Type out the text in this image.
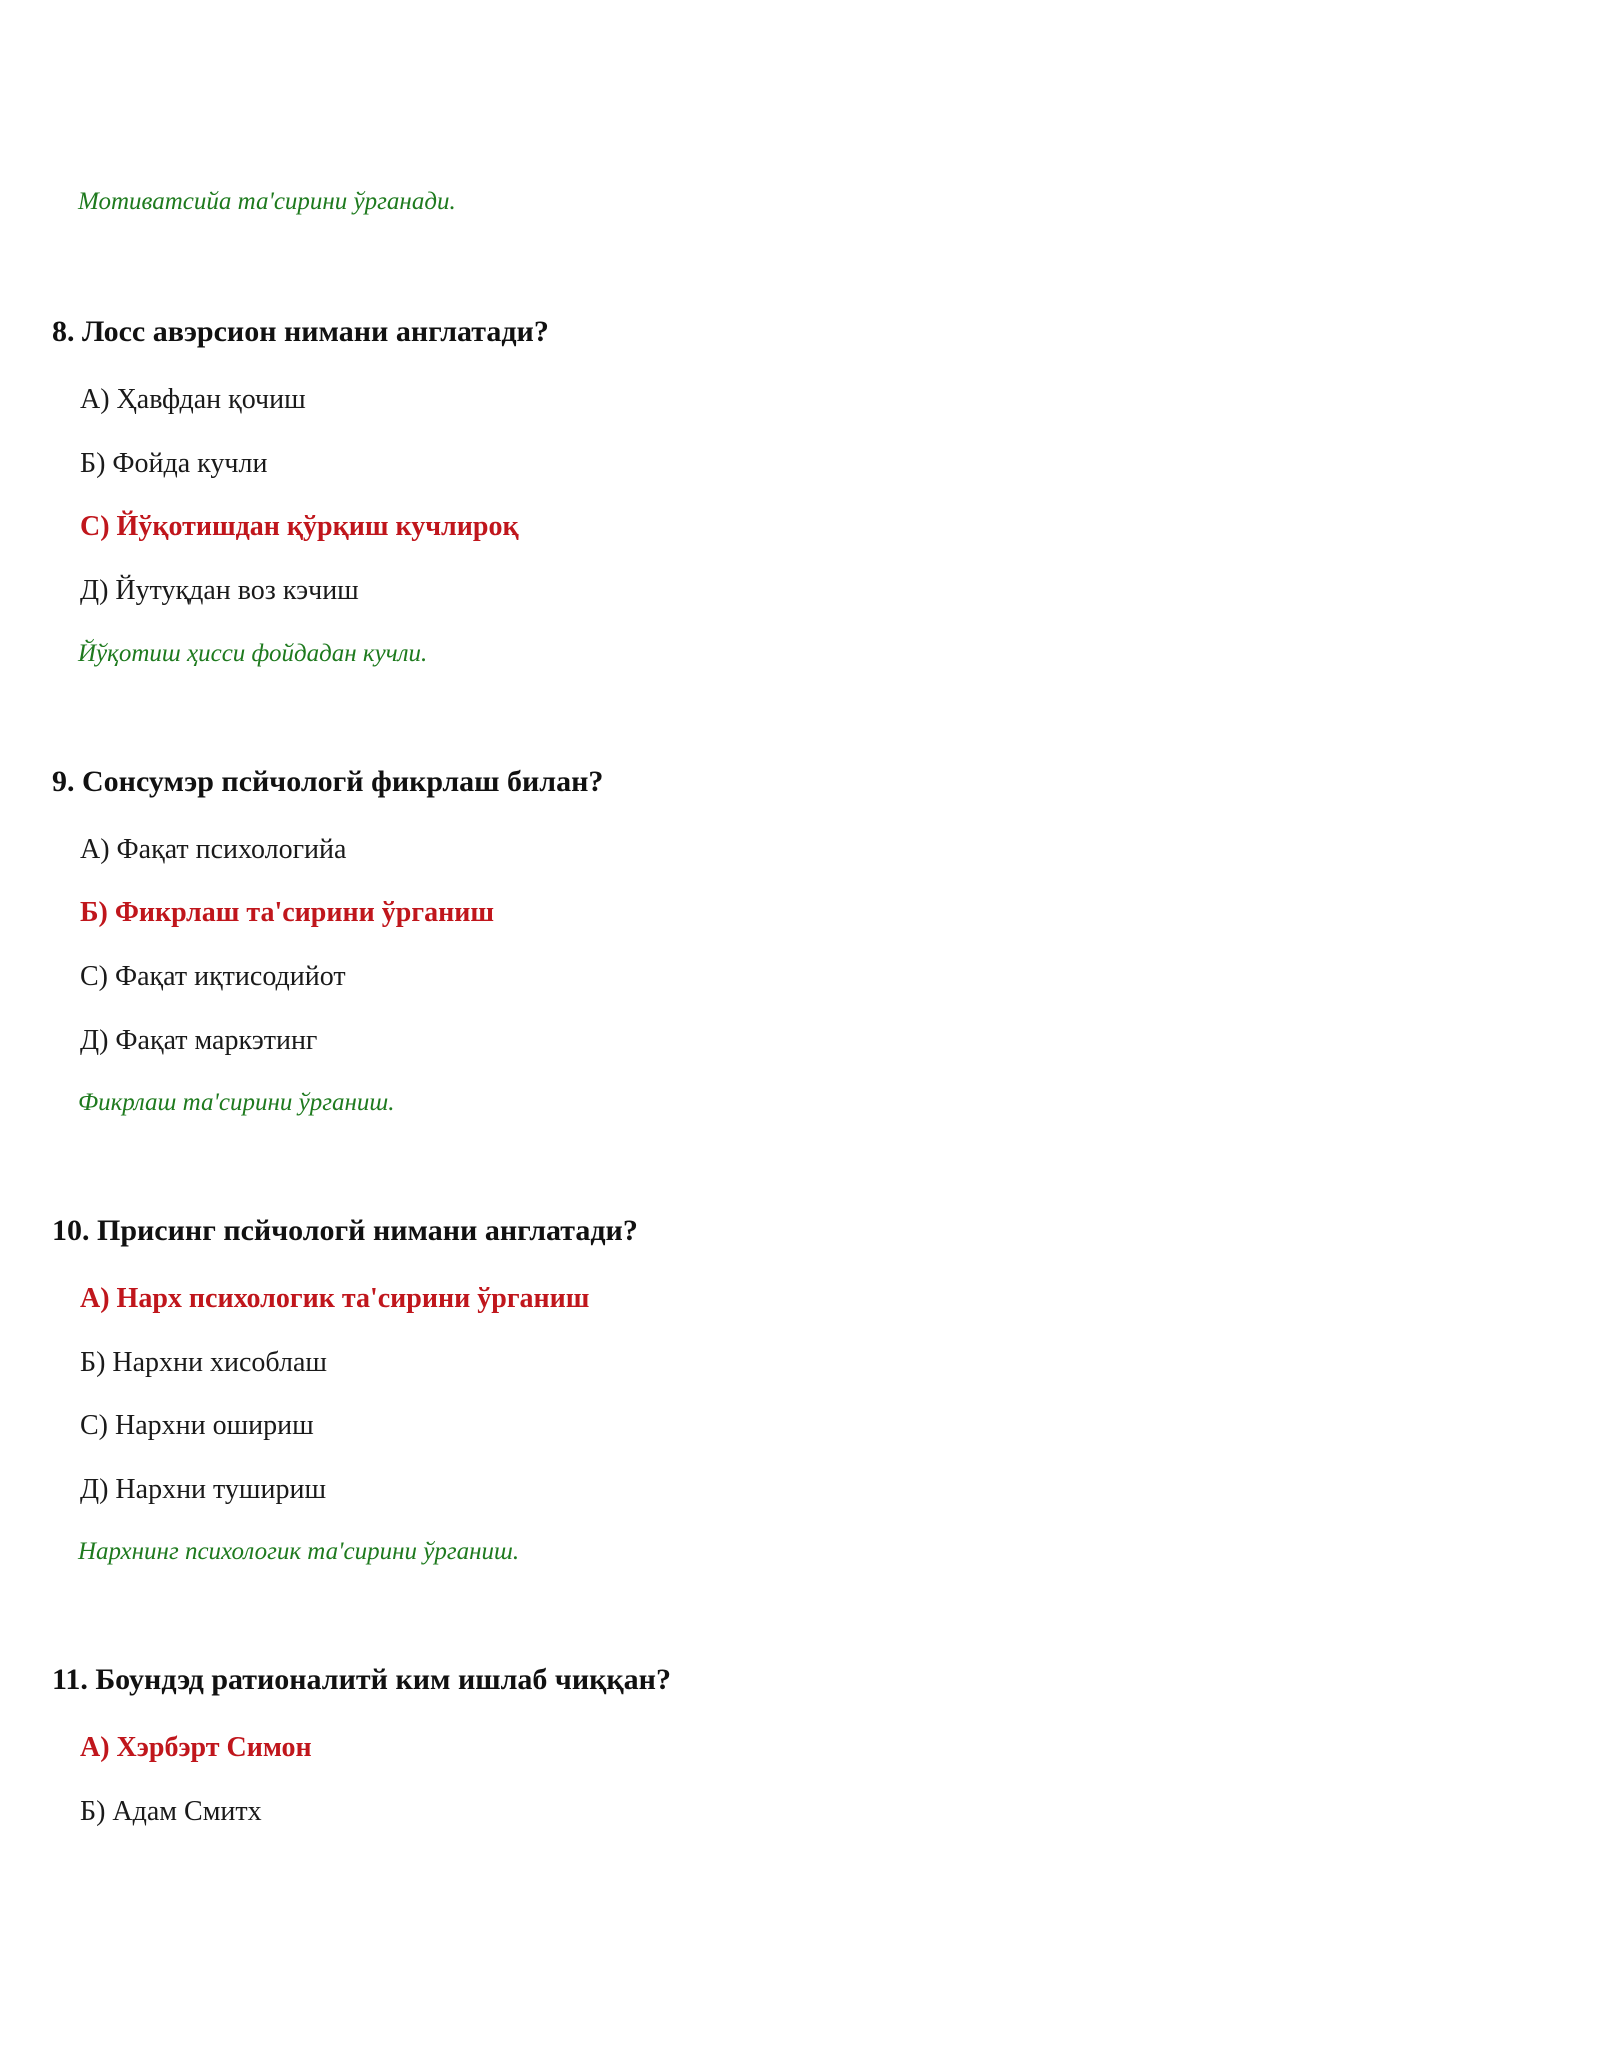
Мотиватсийа та'сирини ўрганади.
8. Лосс авэрсион нимани англатади?
А) Ҳавфдан қочиш
Б) Фойда кучли
С) Йўқотишдан қўрқиш кучлироқ
Д) Йутуқдан воз кэчиш
Йўқотиш ҳисси фойдадан кучли.
9. Сонсумэр псйчологй фикрлаш билан?
А) Фақат психологийа
Б) Фикрлаш та'сирини ўрганиш
С) Фақат иқтисодийот
Д) Фақат маркэтинг
Фикрлаш та'сирини ўрганиш.
10. Присинг псйчологй нимани англатади?
А) Нарх психологик та'сирини ўрганиш
Б) Нархни хисоблаш
С) Нархни ошириш
Д) Нархни тушириш
Нархнинг психологик та'сирини ўрганиш.
11. Боундэд ратионалитй ким ишлаб чиққан?
А) Хэрбэрт Симон
Б) Адам Смитх
